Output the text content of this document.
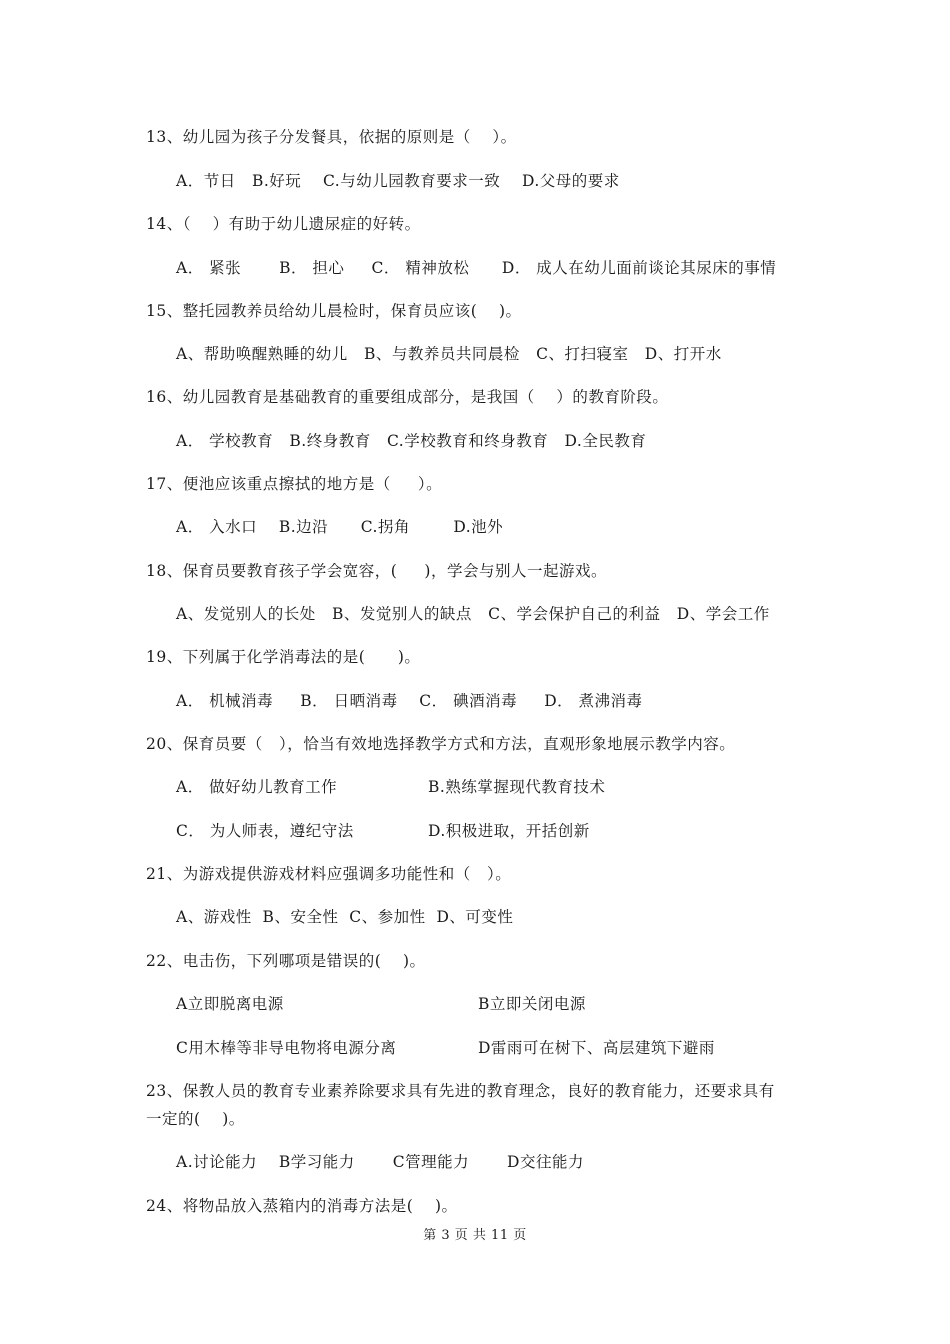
13、幼儿园为孩子分发餐具，依据的原则是（    ）。
A．节日   B.好玩    C.与幼儿园教育要求一致    D.父母的要求
14、（    ）有助于幼儿遗尿症的好转。
A． 紧张       B． 担心     C． 精神放松      D． 成人在幼儿面前谈论其尿床的事情
15、整托园教养员给幼儿晨检时，保育员应该(    )。
A、帮助唤醒熟睡的幼儿   B、与教养员共同晨检   C、打扫寝室   D、打开水
16、幼儿园教育是基础教育的重要组成部分，是我国（    ）的教育阶段。
A． 学校教育   B.终身教育   C.学校教育和终身教育   D.全民教育
17、便池应该重点擦拭的地方是（     ）。
A． 入水口    B.边沿      C.拐角        D.池外
18、保育员要教育孩子学会宽容，(     )，学会与别人一起游戏。
A、发觉别人的长处   B、发觉别人的缺点   C、学会保护自己的利益   D、学会工作
19、下列属于化学消毒法的是(      )。
A． 机械消毒     B． 日晒消毒    C． 碘酒消毒     D． 煮沸消毒
20、保育员要（   ），恰当有效地选择教学方式和方法，直观形象地展示教学内容。
A． 做好幼儿教育工作	B.熟练掌握现代教育技术
C． 为人师表，遵纪守法	D.积极进取，开括创新
21、为游戏提供游戏材料应强调多功能性和（   ）。
A、游戏性  B、安全性  C、参加性  D、可变性
22、电击伤，下列哪项是错误的(    )。
A立即脱离电源	B立即关闭电源
C用木棒等非导电物将电源分离	D雷雨可在树下、高层建筑下避雨
23、保教人员的教育专业素养除要求具有先进的教育理念，良好的教育能力，还要求具有
一定的(    )。
A.讨论能力    B学习能力       C管理能力       D交往能力
24、将物品放入蒸箱内的消毒方法是(    )。
第 3 页 共 11 页
